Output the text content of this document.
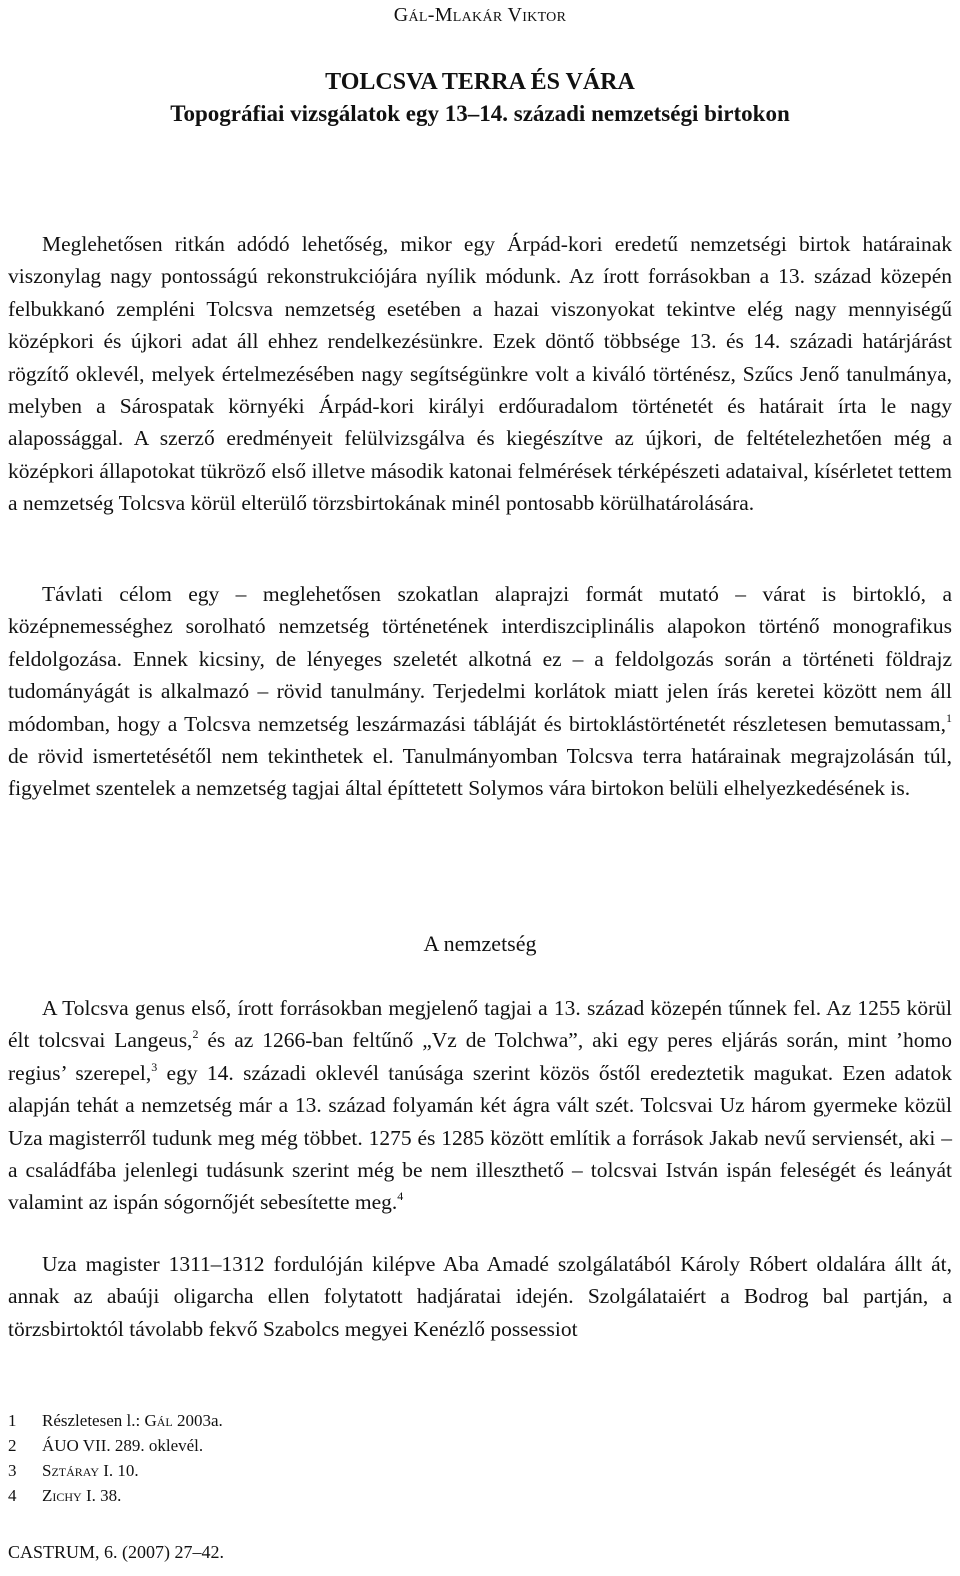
Gál-Mlakár Viktor
TOLCSVA TERRA ÉS VÁRA
Topográfiai vizsgálatok egy 13–14. századi nemzetségi birtokon

Meglehetősen ritkán adódó lehetőség, mikor egy Árpád-kori eredetű nemzetségi birtok határainak viszonylag nagy pontosságú rekonstrukciójára nyílik módunk. Az írott forrásokban a 13. század közepén felbukkanó zempléni Tolcsva nemzetség esetében a hazai viszonyokat tekintve elég nagy mennyiségű középkori és újkori adat áll ehhez rendelkezésünkre. Ezek döntő többsége 13. és 14. századi határjárást rögzítő oklevél, melyek értelmezésében nagy segítségünkre volt a kiváló történész, Szűcs Jenő tanulmánya, melyben a Sárospatak környéki Árpád-kori királyi erdőuradalom történetét és határait írta le nagy alapossággal. A szerző eredményeit felülvizsgálva és kiegészítve az újkori, de feltételezhetően még a középkori állapotokat tükröző első illetve második katonai felmérések térképészeti adataival, kísérletet tettem a nemzetség Tolcsva körül elterülő törzsbirtokának minél pontosabb körülhatárolására.

Távlati célom egy – meglehetősen szokatlan alaprajzi formát mutató – várat is birtokló, a középnemességhez sorolható nemzetség történetének interdiszciplinális alapokon történő monografikus feldolgozása. Ennek kicsiny, de lényeges szeletét alkotná ez – a feldolgozás során a történeti földrajz tudományágát is alkalmazó – rövid tanulmány. Terjedelmi korlátok miatt jelen írás keretei között nem áll módomban, hogy a Tolcsva nemzetség leszármazási tábláját és birtoklástörténetét részletesen bemutassam,$^1$ de rövid ismertetésétől nem tekinthetek el. Tanulmányomban Tolcsva terra határainak megrajzolásán túl, figyelmet szentelek a nemzetség tagjai által építtetett Solymos vára birtokon belüli elhelyezkedésének is.

A nemzetség

A Tolcsva genus első, írott forrásokban megjelenő tagjai a 13. század közepén tűnnek fel. Az 1255 körül élt tolcsvai Langeus,$^2$ és az 1266-ban feltűnő „Vz de Tolchwa”, aki egy peres eljárás során, mint ’homo regius’ szerepel,$^3$ egy 14. századi oklevél tanúsága szerint közös őstől eredeztetik magukat. Ezen adatok alapján tehát a nemzetség már a 13. század folyamán két ágra vált szét. Tolcsvai Uz három gyermeke közül Uza magisterről tudunk meg még többet. 1275 és 1285 között említik a források Jakab nevű serviensét, aki – a családfába jelenlegi tudásunk szerint még be nem illeszthető – tolcsvai István ispán feleségét és leányát valamint az ispán sógornőjét sebesítette meg.$^4$

Uza magister 1311–1312 fordulóján kilépve Aba Amadé szolgálatából Károly Róbert oldalára állt át, annak az abaúji oligarcha ellen folytatott hadjáratai idején. Szolgálataiért a Bodrog bal partján, a törzsbirtoktól távolabb fekvő Szabolcs megyei Kenézlő possessiot

1	Részletesen l.: Gál 2003a.
2	ÁUO VII. 289. oklevél.
3	Sztáray I. 10.
4	Zichy I. 38.
CASTRUM, 6. (2007) 27–42.
